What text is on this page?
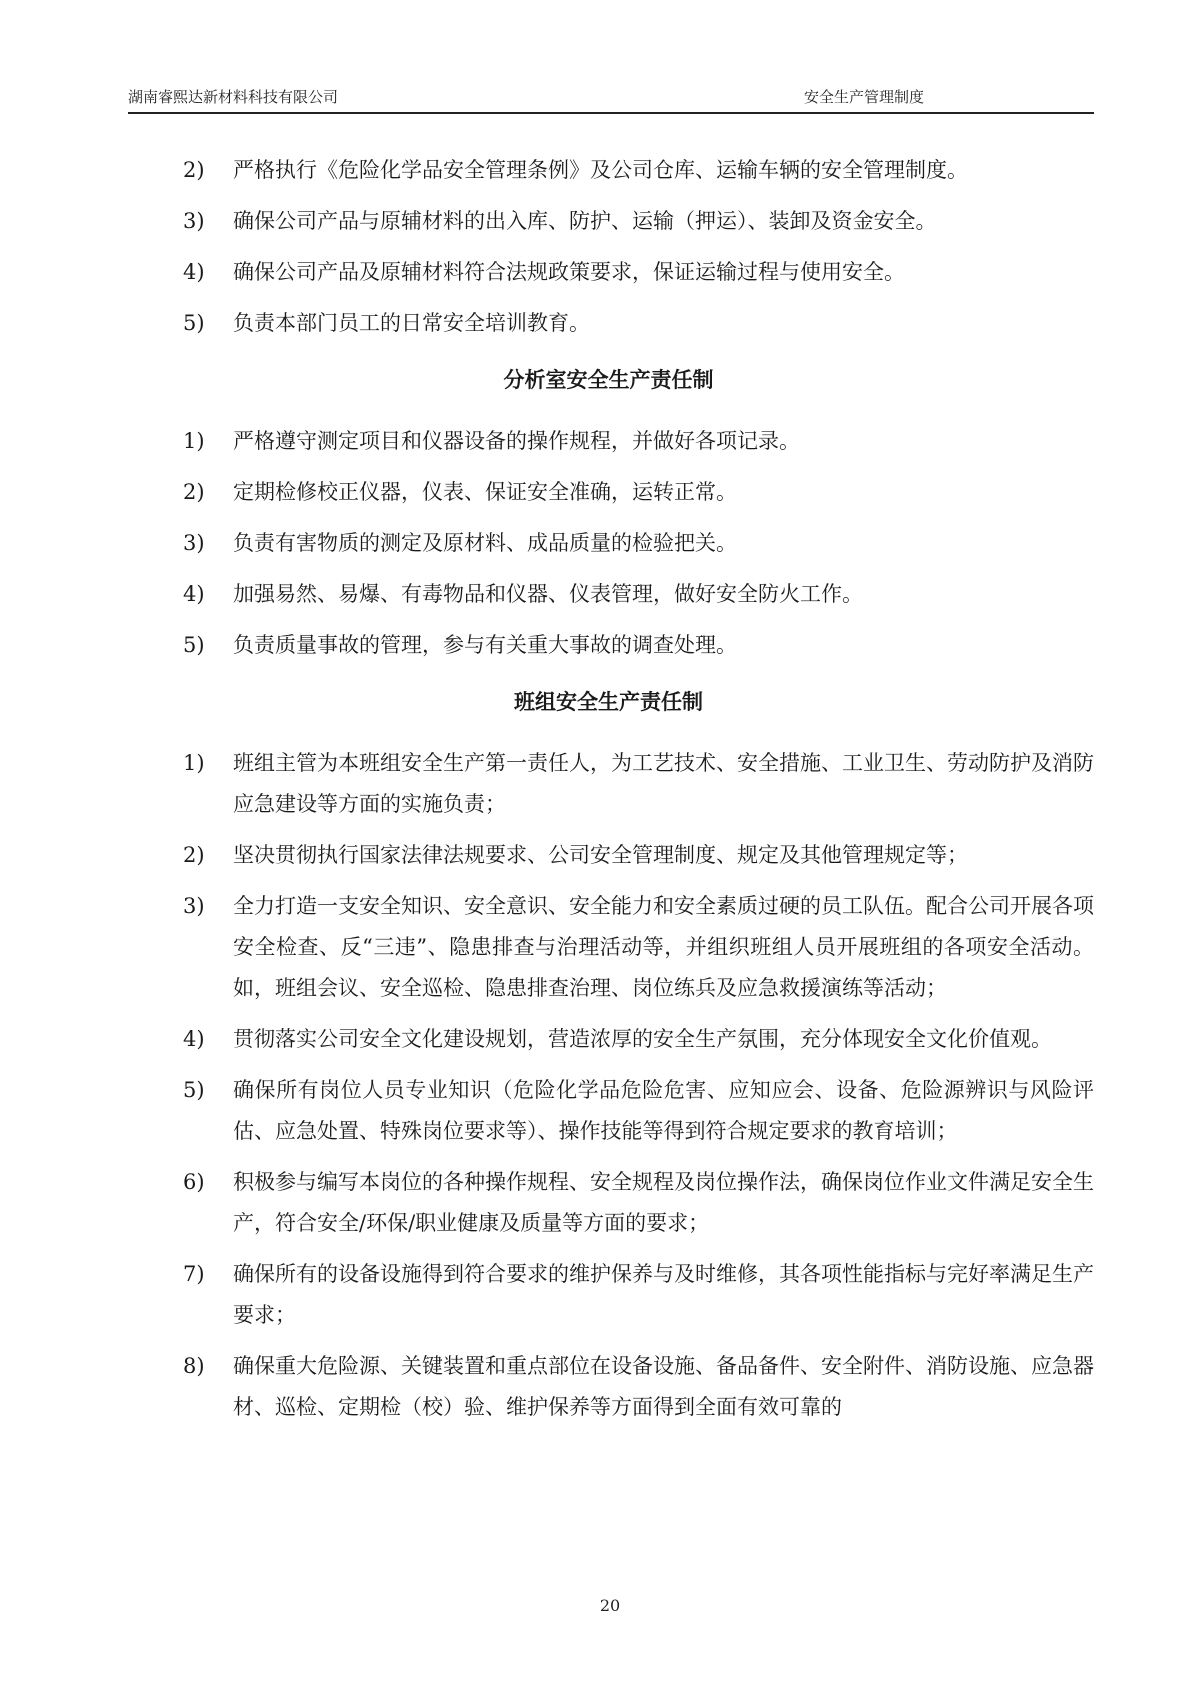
湖南睿熙达新材料科技有限公司	安全生产管理制度
2) 严格执行《危险化学品安全管理条例》及公司仓库、运输车辆的安全管理制度。
3) 确保公司产品与原辅材料的出入库、防护、运输（押运）、装卸及资金安全。
4) 确保公司产品及原辅材料符合法规政策要求，保证运输过程与使用安全。
5) 负责本部门员工的日常安全培训教育。
分析室安全生产责任制
1) 严格遵守测定项目和仪器设备的操作规程，并做好各项记录。
2) 定期检修校正仪器，仪表、保证安全准确，运转正常。
3) 负责有害物质的测定及原材料、成品质量的检验把关。
4) 加强易然、易爆、有毒物品和仪器、仪表管理，做好安全防火工作。
5) 负责质量事故的管理，参与有关重大事故的调查处理。
班组安全生产责任制
1) 班组主管为本班组安全生产第一责任人，为工艺技术、安全措施、工业卫生、劳动防护及消防应急建设等方面的实施负责；
2) 坚决贯彻执行国家法律法规要求、公司安全管理制度、规定及其他管理规定等；
3) 全力打造一支安全知识、安全意识、安全能力和安全素质过硬的员工队伍。配合公司开展各项安全检查、反“三违”、隐患排查与治理活动等，并组织班组人员开展班组的各项安全活动。如，班组会议、安全巡检、隐患排查治理、岗位练兵及应急救援演练等活动；
4) 贯彻落实公司安全文化建设规划，营造浓厚的安全生产氛围，充分体现安全文化价值观。
5) 确保所有岗位人员专业知识（危险化学品危险危害、应知应会、设备、危险源辨识与风险评估、应急处置、特殊岗位要求等）、操作技能等得到符合规定要求的教育培训；
6) 积极参与编写本岗位的各种操作规程、安全规程及岗位操作法，确保岗位作业文件满足安全生产，符合安全/环保/职业健康及质量等方面的要求；
7) 确保所有的设备设施得到符合要求的维护保养与及时维修，其各项性能指标与完好率满足生产要求；
8) 确保重大危险源、关键装置和重点部位在设备设施、备品备件、安全附件、消防设施、应急器材、巡检、定期检（校）验、维护保养等方面得到全面有效可靠的
20
